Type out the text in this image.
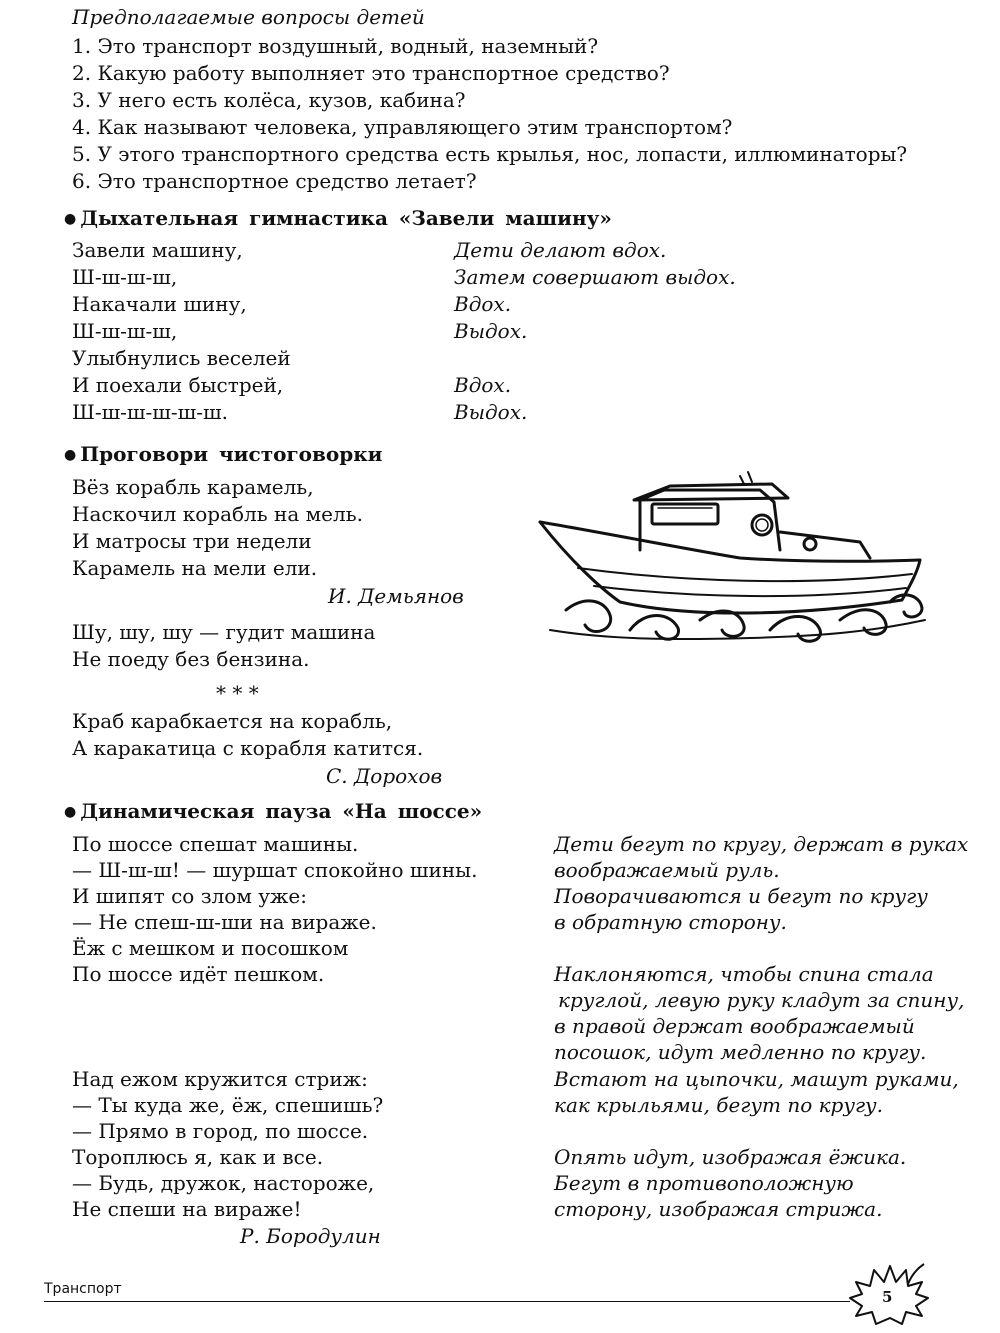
Предполагаемые вопросы детей
1. Это транспорт воздушный, водный, наземный?
2. Какую работу выполняет это транспортное средство?
3. У него есть колёса, кузов, кабина?
4. Как называют человека, управляющего этим транспортом?
5. У этого транспортного средства есть крылья, нос, лопасти, иллюминаторы?
6. Это транспортное средство летает?
● Дыхательная гимнастика «Завели машину»
Завели машину,
Ш-ш-ш-ш,
Накачали шину,
Ш-ш-ш-ш,
Улыбнулись веселей
И поехали быстрей,
Ш-ш-ш-ш-ш-ш.
Дети делают вдох.
Затем совершают выдох.
Вдох.
Выдох.
Вдох.
Выдох.
● Проговори чистоговорки
Вёз корабль карамель,
Наскочил корабль на мель.
И матросы три недели
Карамель на мели ели.
И. Демьянов
Шу, шу, шу — гудит машина
Не поеду без бензина.
* * *
Краб карабкается на корабль,
А каракатица с корабля катится.
С. Дорохов
● Динамическая пауза «На шоссе»
По шоссе спешат машины.
— Ш-ш-ш! — шуршат спокойно шины.
И шипят со злом уже:
— Не спеш-ш-ши на вираже.
Ёж с мешком и посошком
По шоссе идёт пешком.
Над ежом кружится стриж:
— Ты куда же, ёж, спешишь?
— Прямо в город, по шоссе.
Тороплюсь я, как и все.
— Будь, дружок, настороже,
Не спеши на вираже!
Р. Бородулин
Дети бегут по кругу, держат в руках
воображаемый руль.
Поворачиваются и бегут по кругу
в обратную сторону.
Наклоняются, чтобы спина стала
круглой, левую руку кладут за спину,
в правой держат воображаемый
посошок, идут медленно по кругу.
Встают на цыпочки, машут руками,
как крыльями, бегут по кругу.
Опять идут, изображая ёжика.
Бегут в противоположную
сторону, изображая стрижа.
Транспорт	5
